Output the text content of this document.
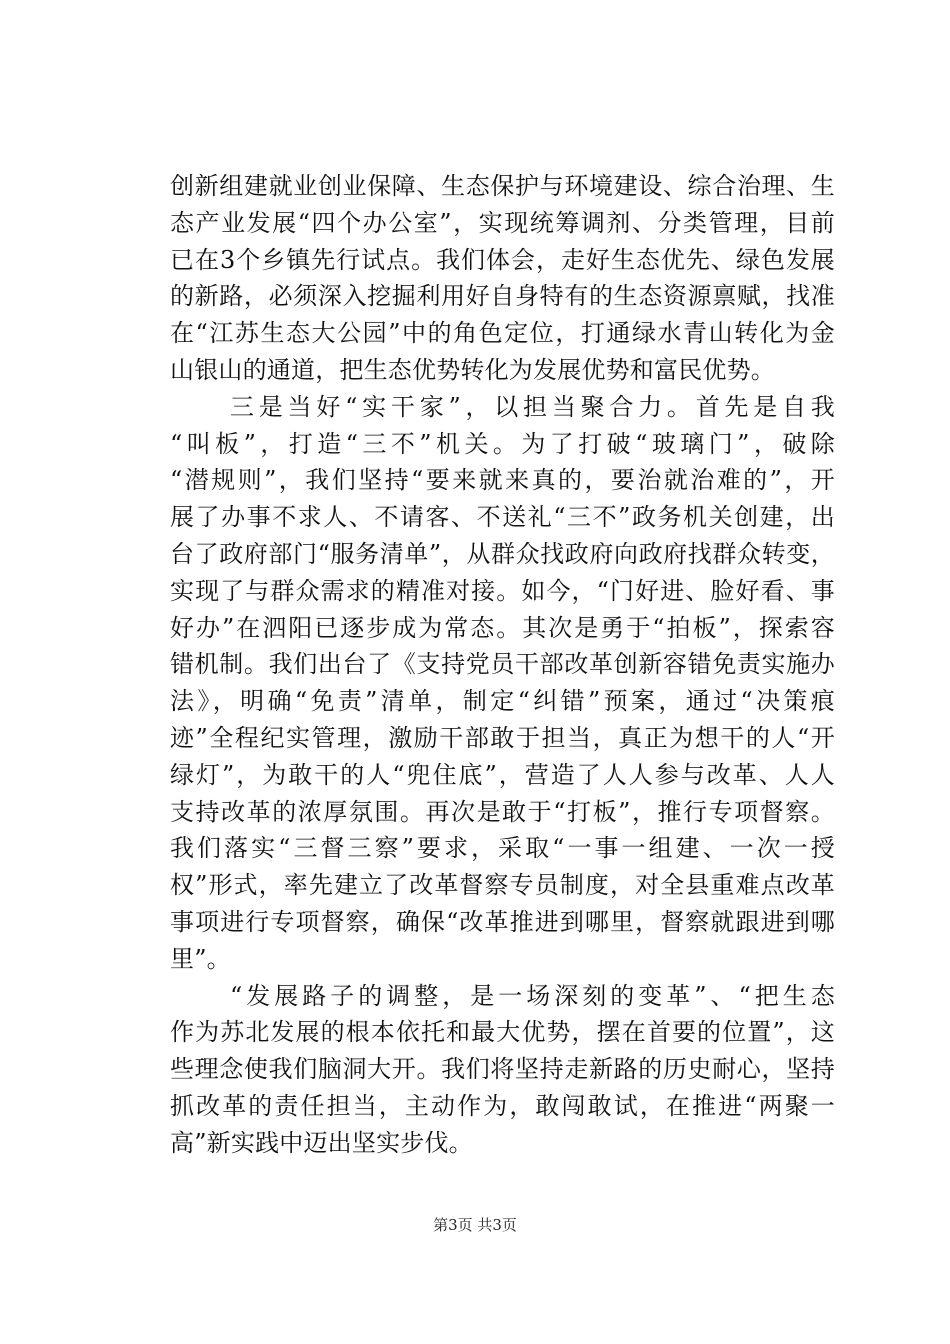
创新组建就业创业保障、生态保护与环境建设、综合治理、生
态产业发展“四个办公室”，实现统筹调剂、分类管理，目前
已在3个乡镇先行试点。我们体会，走好生态优先、绿色发展
的新路，必须深入挖掘利用好自身特有的生态资源禀赋，找准
在“江苏生态大公园”中的角色定位，打通绿水青山转化为金
山银山的通道，把生态优势转化为发展优势和富民优势。
三是当好“实干家”，以担当聚合力。首先是自我
“叫板”，打造“三不”机关。为了打破“玻璃门”，破除
“潜规则”，我们坚持“要来就来真的，要治就治难的”，开
展了办事不求人、不请客、不送礼“三不”政务机关创建，出
台了政府部门“服务清单”，从群众找政府向政府找群众转变，
实现了与群众需求的精准对接。如今，“门好进、脸好看、事
好办”在泗阳已逐步成为常态。其次是勇于“拍板”，探索容
错机制。我们出台了《支持党员干部改革创新容错免责实施办
法》，明确“免责”清单，制定“纠错”预案，通过“决策痕
迹”全程纪实管理，激励干部敢于担当，真正为想干的人“开
绿灯”，为敢干的人“兜住底”，营造了人人参与改革、人人
支持改革的浓厚氛围。再次是敢于“打板”，推行专项督察。
我们落实“三督三察”要求，采取“一事一组建、一次一授
权”形式，率先建立了改革督察专员制度，对全县重难点改革
事项进行专项督察，确保“改革推进到哪里，督察就跟进到哪
里”。
“发展路子的调整，是一场深刻的变革”、“把生态
作为苏北发展的根本依托和最大优势，摆在首要的位置”，这
些理念使我们脑洞大开。我们将坚持走新路的历史耐心，坚持
抓改革的责任担当，主动作为，敢闯敢试，在推进“两聚一
高”新实践中迈出坚实步伐。
第3页 共3页
